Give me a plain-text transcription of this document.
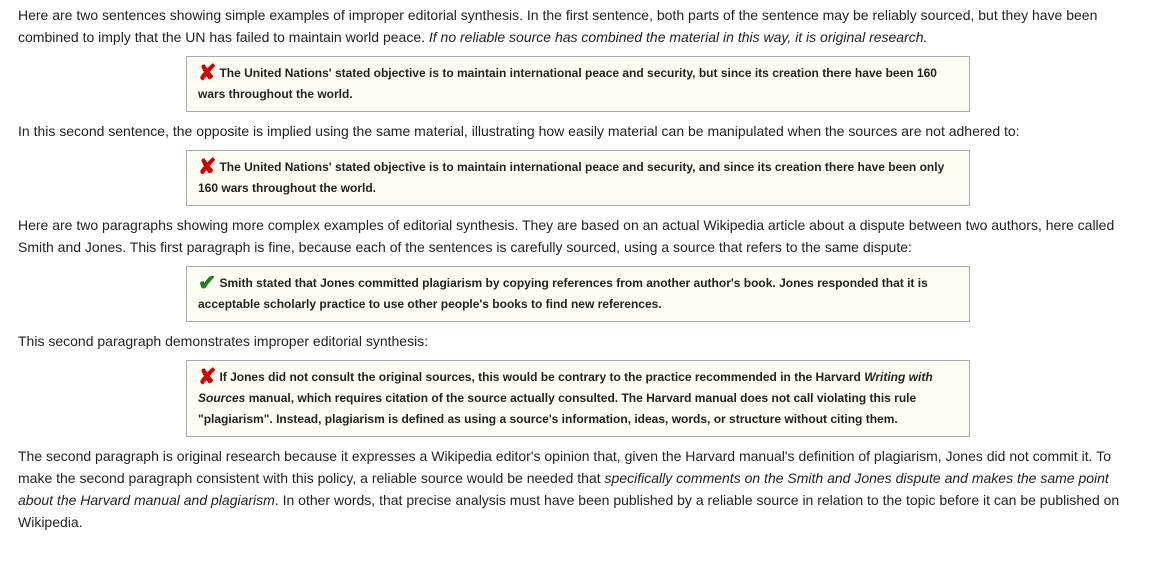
Here are two sentences showing simple examples of improper editorial synthesis. In the first sentence, both parts of the sentence may be reliably sourced, but they have been combined to imply that the UN has failed to maintain world peace. If no reliable source has combined the material in this way, it is original research.

✘ The United Nations' stated objective is to maintain international peace and security, but since its creation there have been 160 wars throughout the world.

In this second sentence, the opposite is implied using the same material, illustrating how easily material can be manipulated when the sources are not adhered to:

✘ The United Nations' stated objective is to maintain international peace and security, and since its creation there have been only 160 wars throughout the world.

Here are two paragraphs showing more complex examples of editorial synthesis. They are based on an actual Wikipedia article about a dispute between two authors, here called Smith and Jones. This first paragraph is fine, because each of the sentences is carefully sourced, using a source that refers to the same dispute:

✔ Smith stated that Jones committed plagiarism by copying references from another author's book. Jones responded that it is acceptable scholarly practice to use other people's books to find new references.

This second paragraph demonstrates improper editorial synthesis:

✘ If Jones did not consult the original sources, this would be contrary to the practice recommended in the Harvard Writing with Sources manual, which requires citation of the source actually consulted. The Harvard manual does not call violating this rule "plagiarism". Instead, plagiarism is defined as using a source's information, ideas, words, or structure without citing them.

The second paragraph is original research because it expresses a Wikipedia editor's opinion that, given the Harvard manual's definition of plagiarism, Jones did not commit it. To make the second paragraph consistent with this policy, a reliable source would be needed that specifically comments on the Smith and Jones dispute and makes the same point about the Harvard manual and plagiarism. In other words, that precise analysis must have been published by a reliable source in relation to the topic before it can be published on Wikipedia.
